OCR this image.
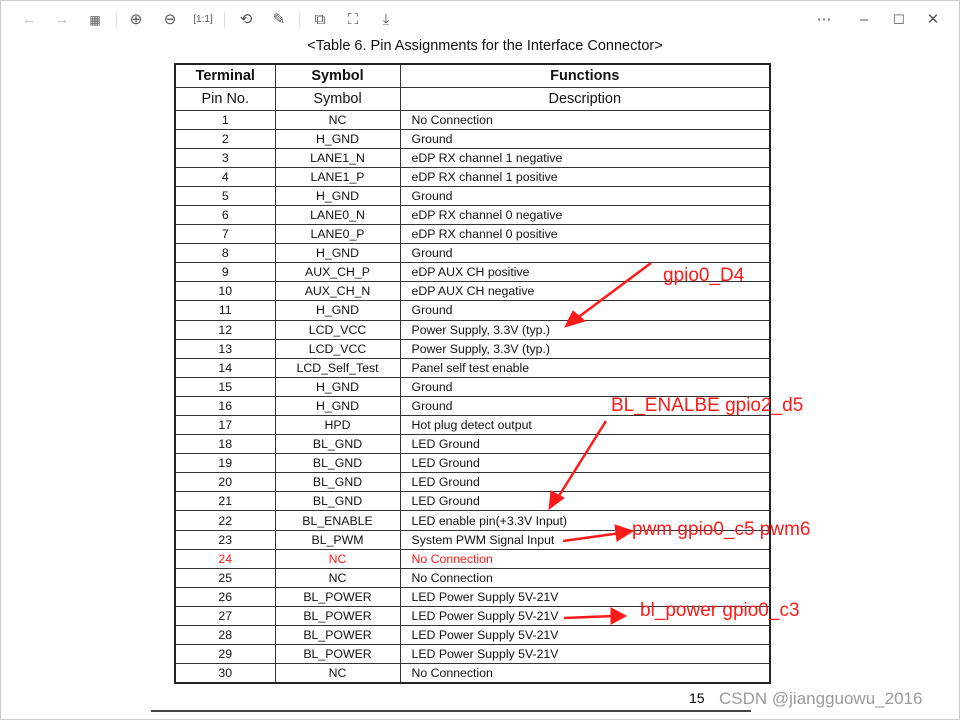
← →	▦ ⊕ ⊖	[1:1] ⟲ ✎	⧉	⛶	⤓	⋯	–	☐ ✕
<Table 6. Pin Assignments for the Interface Connector>
Terminal	Symbol	Functions
Pin No.	Symbol	Description
1	NC	No Connection
2	H_GND	Ground
3	LANE1_N	eDP RX channel 1 negative
4	LANE1_P	eDP RX channel 1 positive
5	H_GND	Ground
6	LANE0_N	eDP RX channel 0 negative
7	LANE0_P	eDP RX channel 0 positive
8	H_GND	Ground
9	AUX_CH_P	eDP AUX CH positive
10	AUX_CH_N	eDP AUX CH negative
11	H_GND	Ground
12	LCD_VCC	Power Supply, 3.3V (typ.)
13	LCD_VCC	Power Supply, 3.3V (typ.)
14	LCD_Self_Test	Panel self test enable
15	H_GND	Ground
16	H_GND	Ground
17	HPD	Hot plug detect output
18	BL_GND	LED Ground
19	BL_GND	LED Ground
20	BL_GND	LED Ground
21	BL_GND	LED Ground
22	BL_ENABLE	LED enable pin(+3.3V Input)
23	BL_PWM	System PWM Signal Input
24	NC	No Connection
25	NC	No Connection
26	BL_POWER	LED Power Supply 5V-21V
27	BL_POWER	LED Power Supply 5V-21V
28	BL_POWER	LED Power Supply 5V-21V
29	BL_POWER	LED Power Supply 5V-21V
30	NC	No Connection
gpio0_D4
BL_ENALBE gpio2_d5
pwm gpio0_c5 pwm6
bl_power gpio0_c3
15 CSDN @jiangguowu_2016
